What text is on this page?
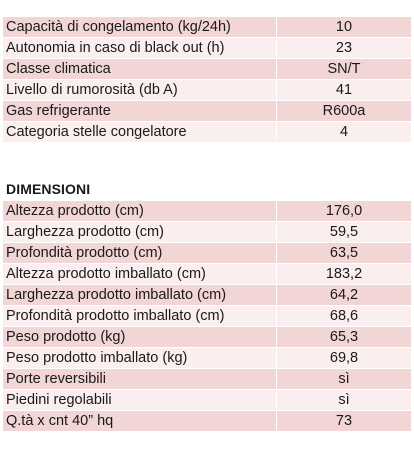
Capacità di congelamento (kg/24h)	10
Autonomia in caso di black out (h)	23
Classe climatica	SN/T
Livello di rumorosità (db A)	41
Gas refrigerante	R600a
Categoria stelle congelatore	4
DIMENSIONI
Altezza prodotto (cm)	176,0
Larghezza prodotto (cm)	59,5
Profondità prodotto (cm)	63,5
Altezza prodotto imballato (cm)	183,2
Larghezza prodotto imballato (cm)	64,2
Profondità prodotto imballato (cm)	68,6
Peso prodotto (kg)	65,3
Peso prodotto imballato (kg)	69,8
Porte reversibili	sì
Piedini regolabili	sì
Q.tà x cnt 40” hq	73
